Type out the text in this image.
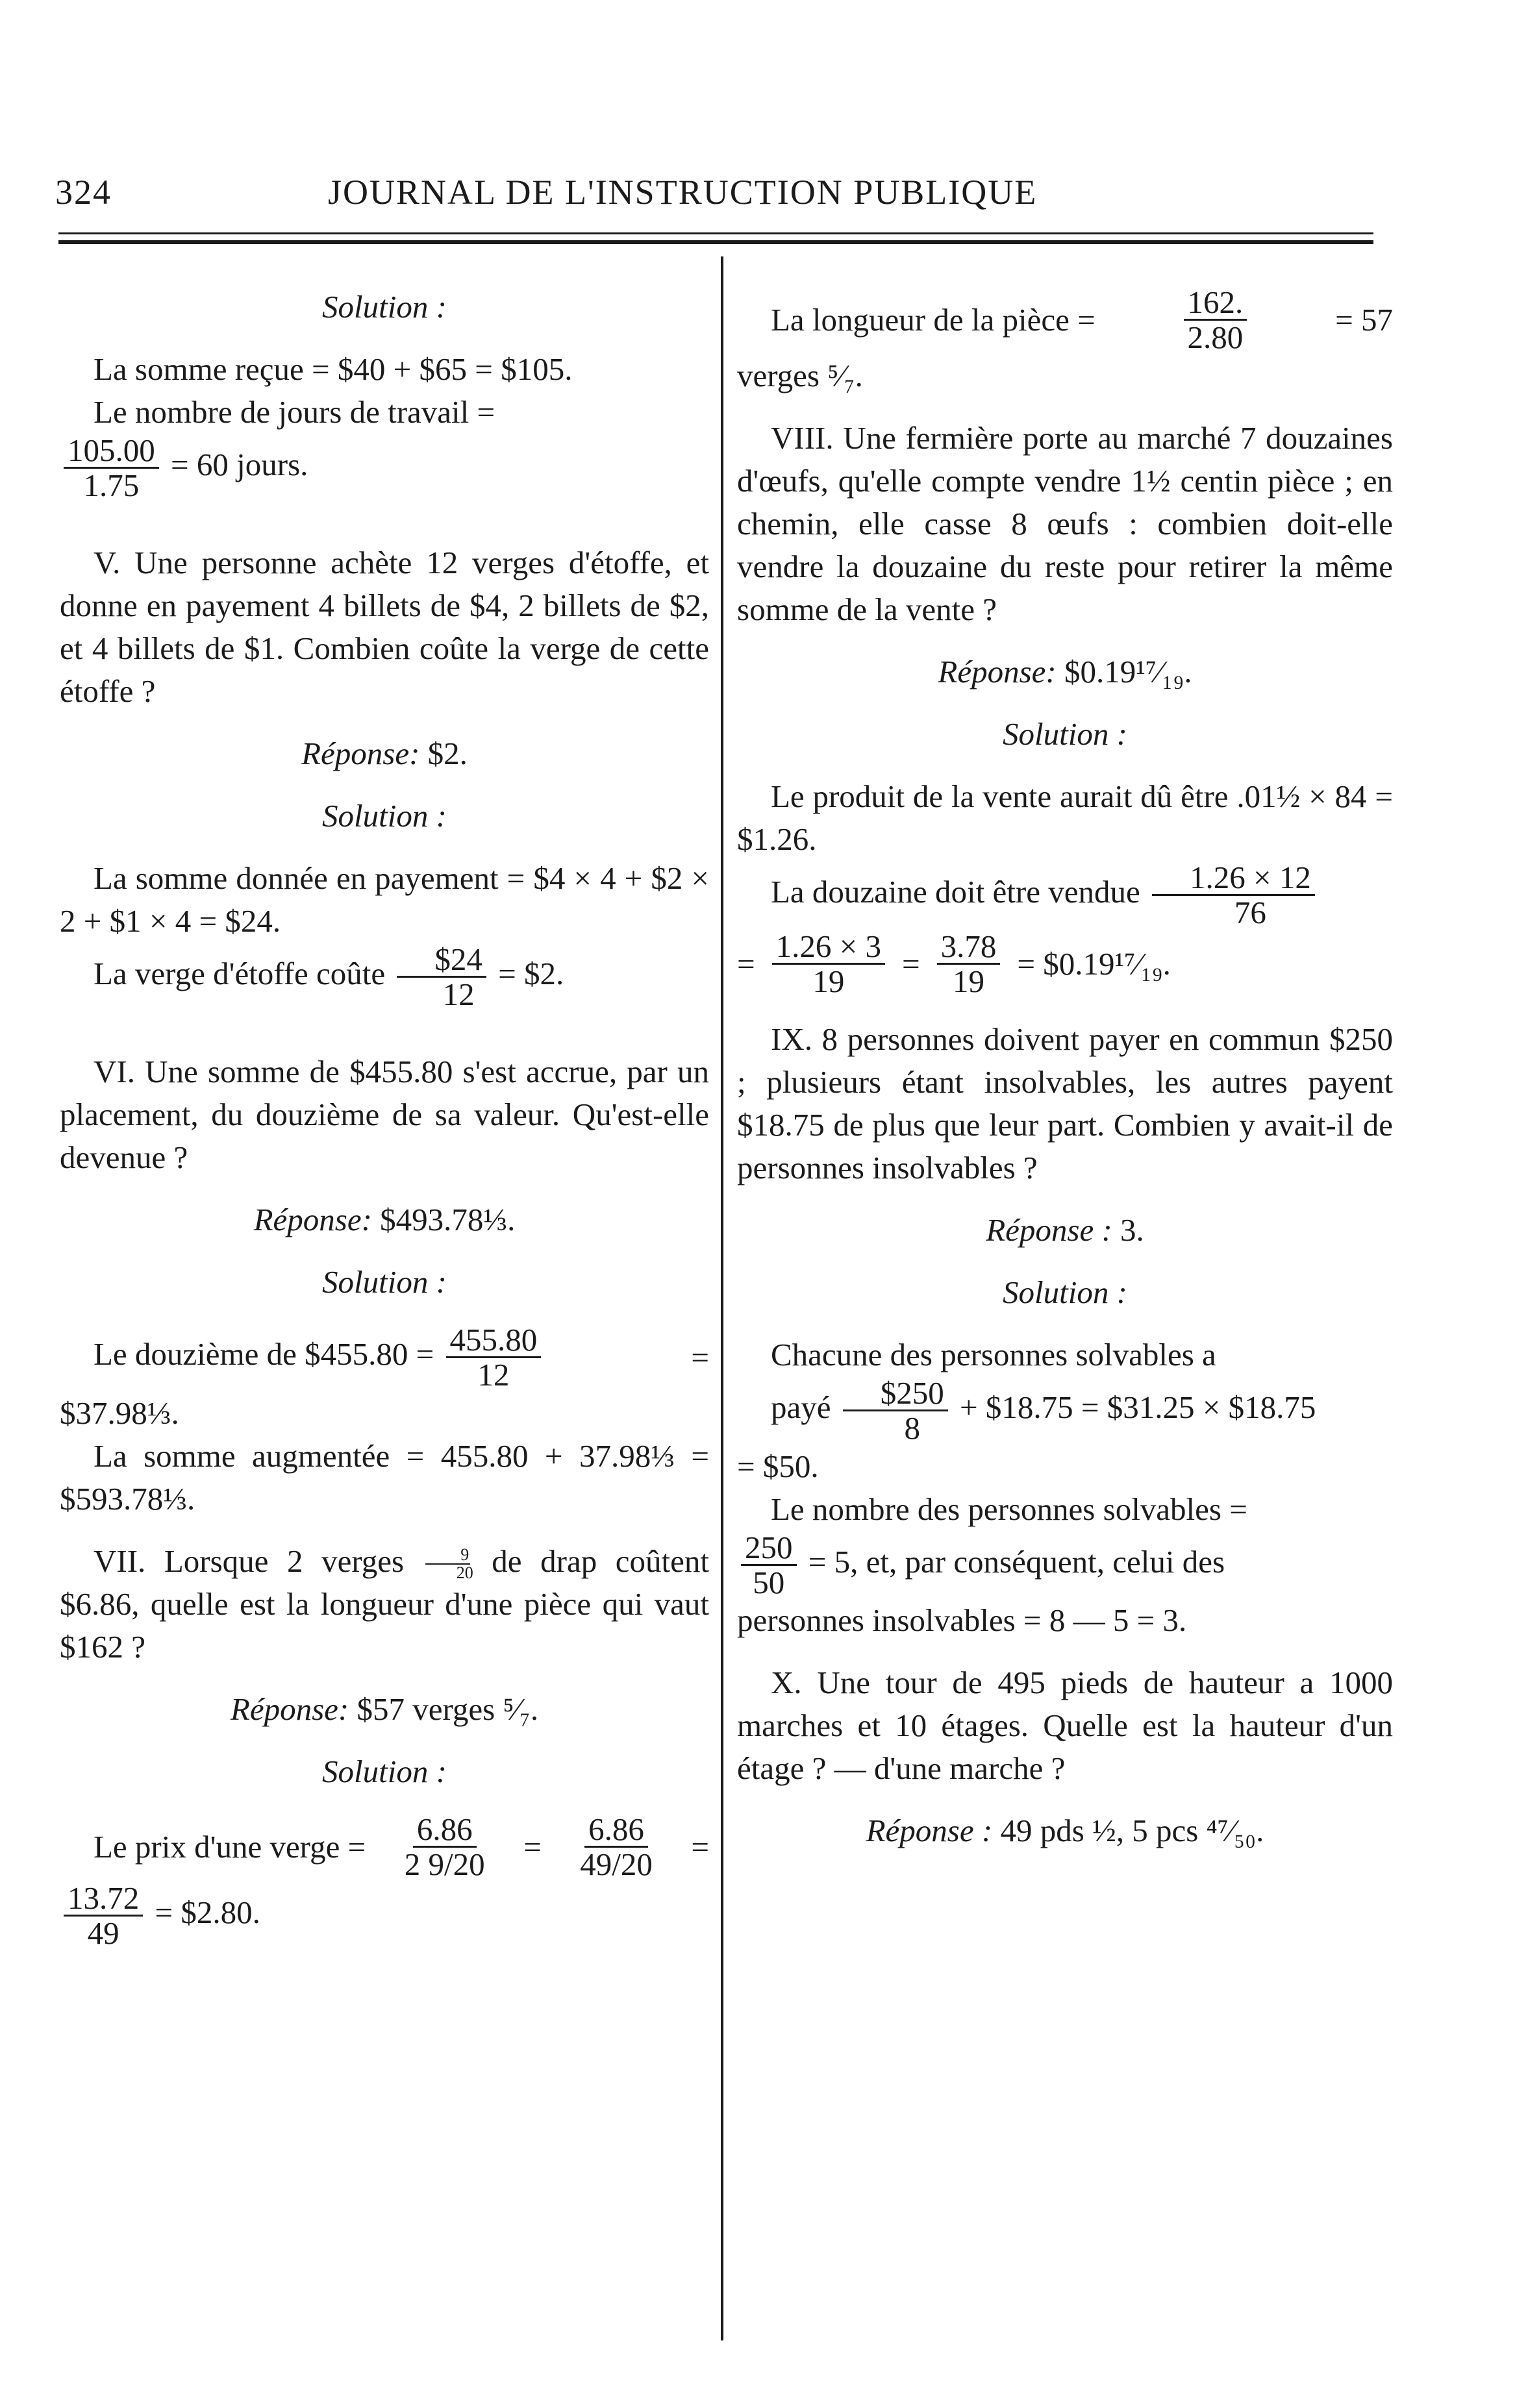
324	JOURNAL DE L'INSTRUCTION PUBLIQUE

Solution :

La somme reçue = $40 + $65 = $105.

Le nombre de jours de travail =

$\frac{105.00}{1.75} = 60$ jours.

V. Une personne achète 12 verges d'étoffe, et donne en payement 4 billets de $4, 2 billets de $2, et 4 billets de $1. Combien coûte la verge de cette étoffe ?

Réponse: $2.

Solution :

La somme donnée en payement = $4 × 4 + $2 × 2 + $1 × 4 = $24.

La verge d'étoffe coûte $\frac{\$24}{12}$ = $2.

VI. Une somme de $455.80 s'est accrue, par un placement, du douzième de sa valeur. Qu'est-elle devenue ?

Réponse: $493.78⅓.

Solution :

Le douzième de $455.80 = $\frac{455.80}{12}$	=

$37.98⅓.

La somme augmentée = 455.80 + 37.98⅓ = $593.78⅓.

VII. Lorsque 2 verges $\frac{9}{20}$ de drap coûtent $6.86, quelle est la longueur d'une pièce qui vaut $162 ?

Réponse: $57 verges ⁵⁄₇.

Solution :

Le prix d'une verge = $\frac{6.86}{2 9/20} = \frac{6.86}{49/20}$ =
$\frac{13.72}{49}$ = $2.80.
La longueur de la pièce =	$\frac{162.}{2.80}$	= 57

verges ⁵⁄₇.

VIII. Une fermière porte au marché 7 douzaines d'œufs, qu'elle compte vendre 1½ centin pièce ; en chemin, elle casse 8 œufs : combien doit-elle vendre la douzaine du reste pour retirer la même somme de la vente ?

Réponse: $0.19¹⁷⁄₁₉.

Solution :

Le produit de la vente aurait dû être .01½ × 84 = $1.26.

La douzaine doit être vendue $\frac{1.26 \times 12}{76}$
= $\frac{1.26 \times 3}{19} = \frac{3.78}{19}$ = $0.19¹⁷⁄₁₉.

IX. 8 personnes doivent payer en commun $250 ; plusieurs étant insolvables, les autres payent $18.75 de plus que leur part. Combien y avait-il de personnes insolvables ?

Réponse : 3.

Solution :

Chacune des personnes solvables a

payé $\frac{\$250}{8}$ + $18.75 = $31.25 × $18.75

= $50.

Le nombre des personnes solvables =

$\frac{250}{50} = 5$, et, par conséquent, celui des

personnes insolvables = 8 — 5 = 3.

X. Une tour de 495 pieds de hauteur a 1000 marches et 10 étages. Quelle est la hauteur d'un étage ? — d'une marche ?

Réponse : 49 pds ½, 5 pcs ⁴⁷⁄₅₀.
